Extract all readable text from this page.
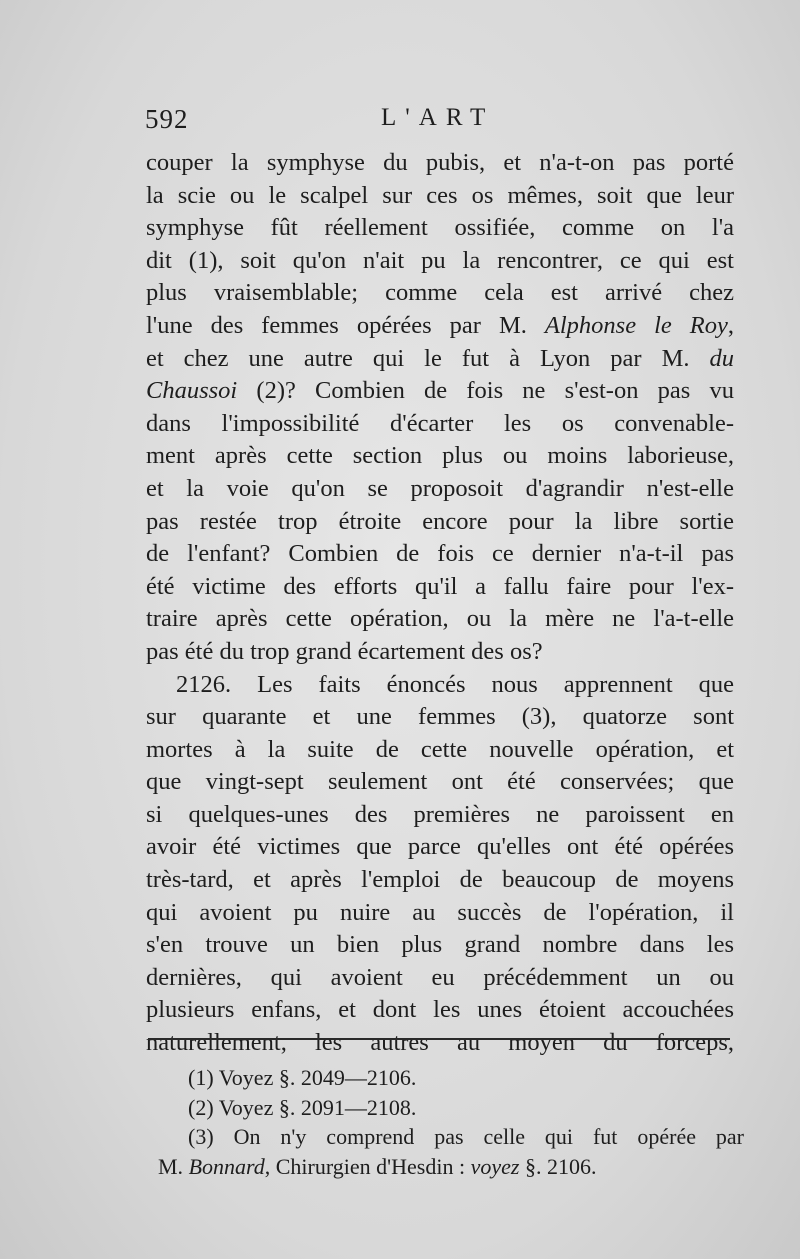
592	L'ART
couper la symphyse du pubis, et n'a-t-on pas porté
la scie ou le scalpel sur ces os mêmes, soit que leur
symphyse fût réellement ossifiée, comme on l'a
dit (1), soit qu'on n'ait pu la rencontrer, ce qui est
plus vraisemblable; comme cela est arrivé chez
l'une des femmes opérées par M. Alphonse le Roy,
et chez une autre qui le fut à Lyon par M. du
Chaussoi (2)? Combien de fois ne s'est-on pas vu
dans l'impossibilité d'écarter les os convenable-
ment après cette section plus ou moins laborieuse,
et la voie qu'on se proposoit d'agrandir n'est-elle
pas restée trop étroite encore pour la libre sortie
de l'enfant? Combien de fois ce dernier n'a-t-il pas
été victime des efforts qu'il a fallu faire pour l'ex-
traire après cette opération, ou la mère ne l'a-t-elle
pas été du trop grand écartement des os?
2126. Les faits énoncés nous apprennent que
sur quarante et une femmes (3), quatorze sont
mortes à la suite de cette nouvelle opération, et
que vingt-sept seulement ont été conservées; que
si quelques-unes des premières ne paroissent en
avoir été victimes que parce qu'elles ont été opérées
très-tard, et après l'emploi de beaucoup de moyens
qui avoient pu nuire au succès de l'opération, il
s'en trouve un bien plus grand nombre dans les
dernières, qui avoient eu précédemment un ou
plusieurs enfans, et dont les unes étoient accouchées
naturellement, les autres au moyen du forceps,
(1) Voyez §. 2049—2106.
(2) Voyez §. 2091—2108.
(3) On n'y comprend pas celle qui fut opérée par
M. Bonnard, Chirurgien d'Hesdin : voyez §. 2106.
